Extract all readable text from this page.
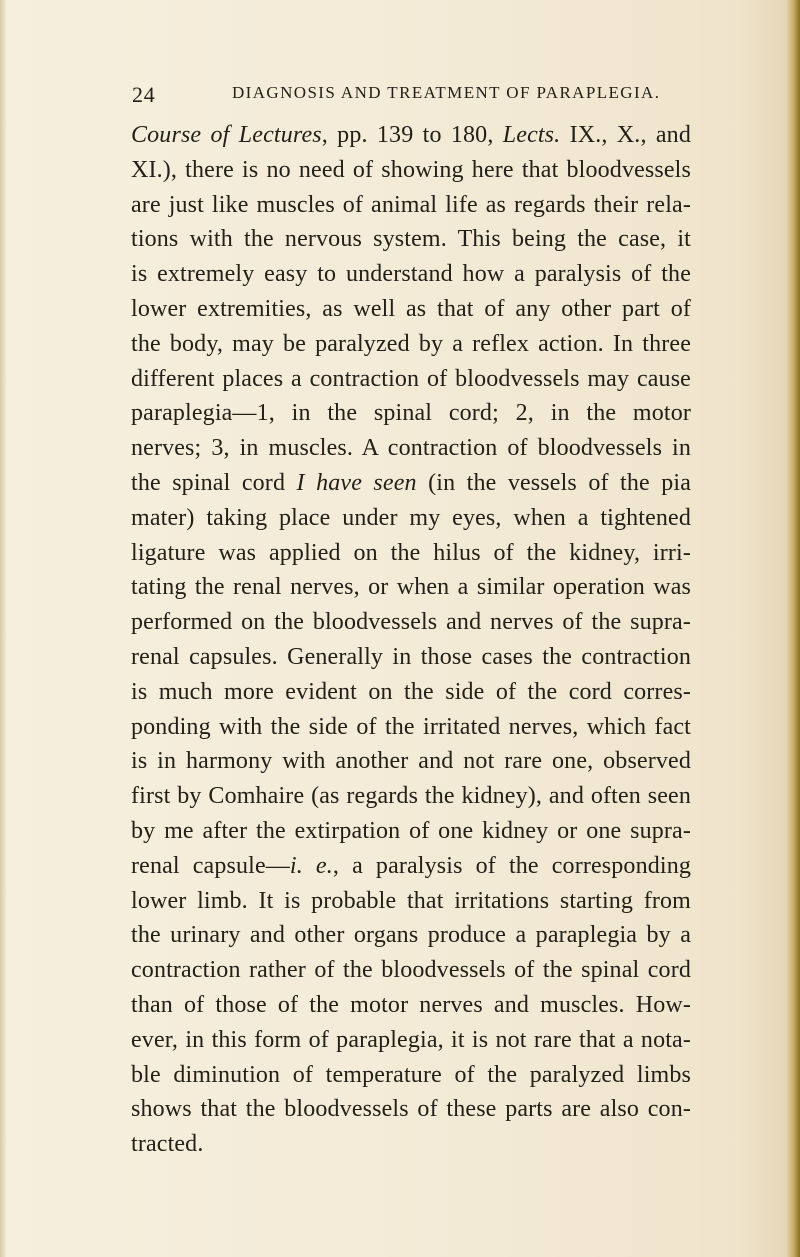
24	DIAGNOSIS AND TREATMENT OF PARAPLEGIA.
Course of Lectures, pp. 139 to 180, Lects. IX., X., and
XI.), there is no need of showing here that bloodvessels
are just like muscles of animal life as regards their rela-
tions with the nervous system. This being the case, it
is extremely easy to understand how a paralysis of the
lower extremities, as well as that of any other part of
the body, may be paralyzed by a reflex action. In three
different places a contraction of bloodvessels may cause
paraplegia—1, in the spinal cord; 2, in the motor
nerves; 3, in muscles. A contraction of bloodvessels in
the spinal cord I have seen (in the vessels of the pia
mater) taking place under my eyes, when a tightened
ligature was applied on the hilus of the kidney, irri-
tating the renal nerves, or when a similar operation was
performed on the bloodvessels and nerves of the supra-
renal capsules. Generally in those cases the contraction
is much more evident on the side of the cord corres-
ponding with the side of the irritated nerves, which fact
is in harmony with another and not rare one, observed
first by Comhaire (as regards the kidney), and often seen
by me after the extirpation of one kidney or one supra-
renal capsule—i. e., a paralysis of the corresponding
lower limb. It is probable that irritations starting from
the urinary and other organs produce a paraplegia by a
contraction rather of the bloodvessels of the spinal cord
than of those of the motor nerves and muscles. How-
ever, in this form of paraplegia, it is not rare that a nota-
ble diminution of temperature of the paralyzed limbs
shows that the bloodvessels of these parts are also con-
tracted.
